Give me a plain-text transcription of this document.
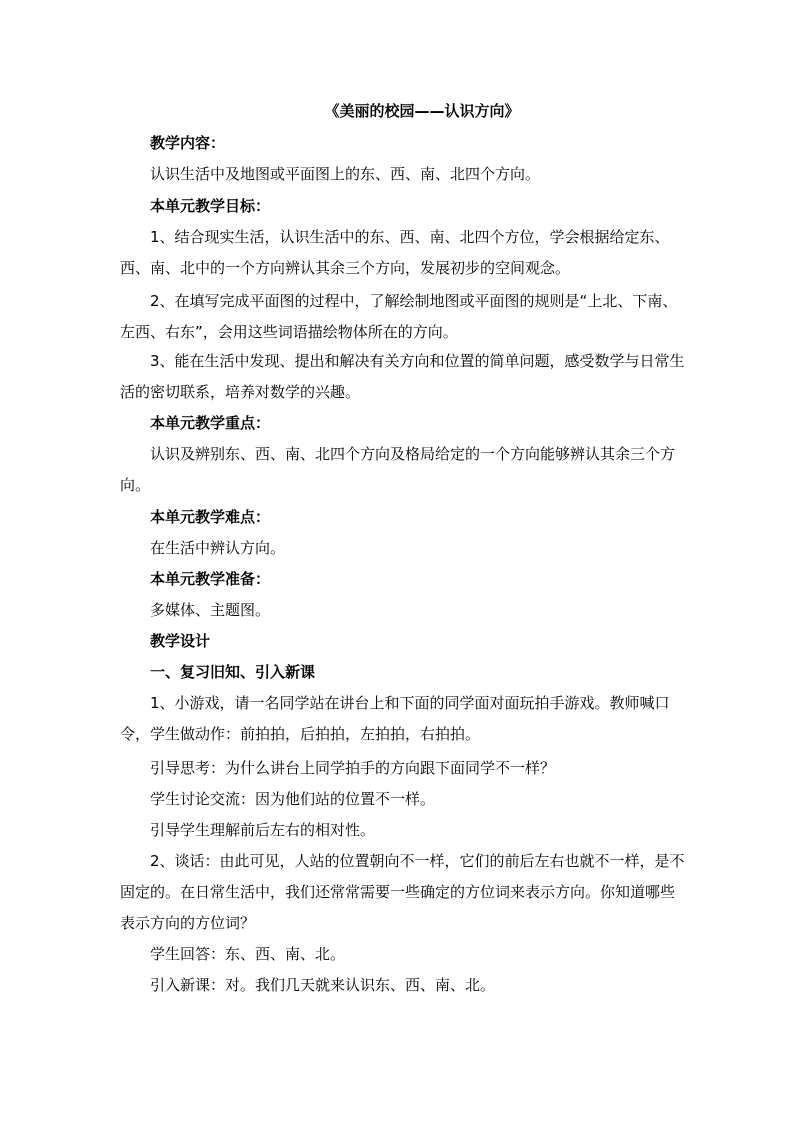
《美丽的校园——认识方向》

教学内容：

认识生活中及地图或平面图上的东、西、南、北四个方向。

本单元教学目标：

1、结合现实生活，认识生活中的东、西、南、北四个方位，学会根据给定东、西、南、北中的一个方向辨认其余三个方向，发展初步的空间观念。

2、在填写完成平面图的过程中，了解绘制地图或平面图的规则是“上北、下南、左西、右东”，会用这些词语描绘物体所在的方向。

3、能在生活中发现、提出和解决有关方向和位置的简单问题，感受数学与日常生活的密切联系，培养对数学的兴趣。

本单元教学重点：

认识及辨别东、西、南、北四个方向及格局给定的一个方向能够辨认其余三个方向。

本单元教学难点：

在生活中辨认方向。

本单元教学准备：

多媒体、主题图。

教学设计

一、复习旧知、引入新课

1、小游戏，请一名同学站在讲台上和下面的同学面对面玩拍手游戏。教师喊口令，学生做动作：前拍拍，后拍拍，左拍拍，右拍拍。

引导思考：为什么讲台上同学拍手的方向跟下面同学不一样？

学生讨论交流：因为他们站的位置不一样。

引导学生理解前后左右的相对性。

2、谈话：由此可见，人站的位置朝向不一样，它们的前后左右也就不一样，是不固定的。在日常生活中，我们还常常需要一些确定的方位词来表示方向。你知道哪些表示方向的方位词？

学生回答：东、西、南、北。

引入新课：对。我们几天就来认识东、西、南、北。
